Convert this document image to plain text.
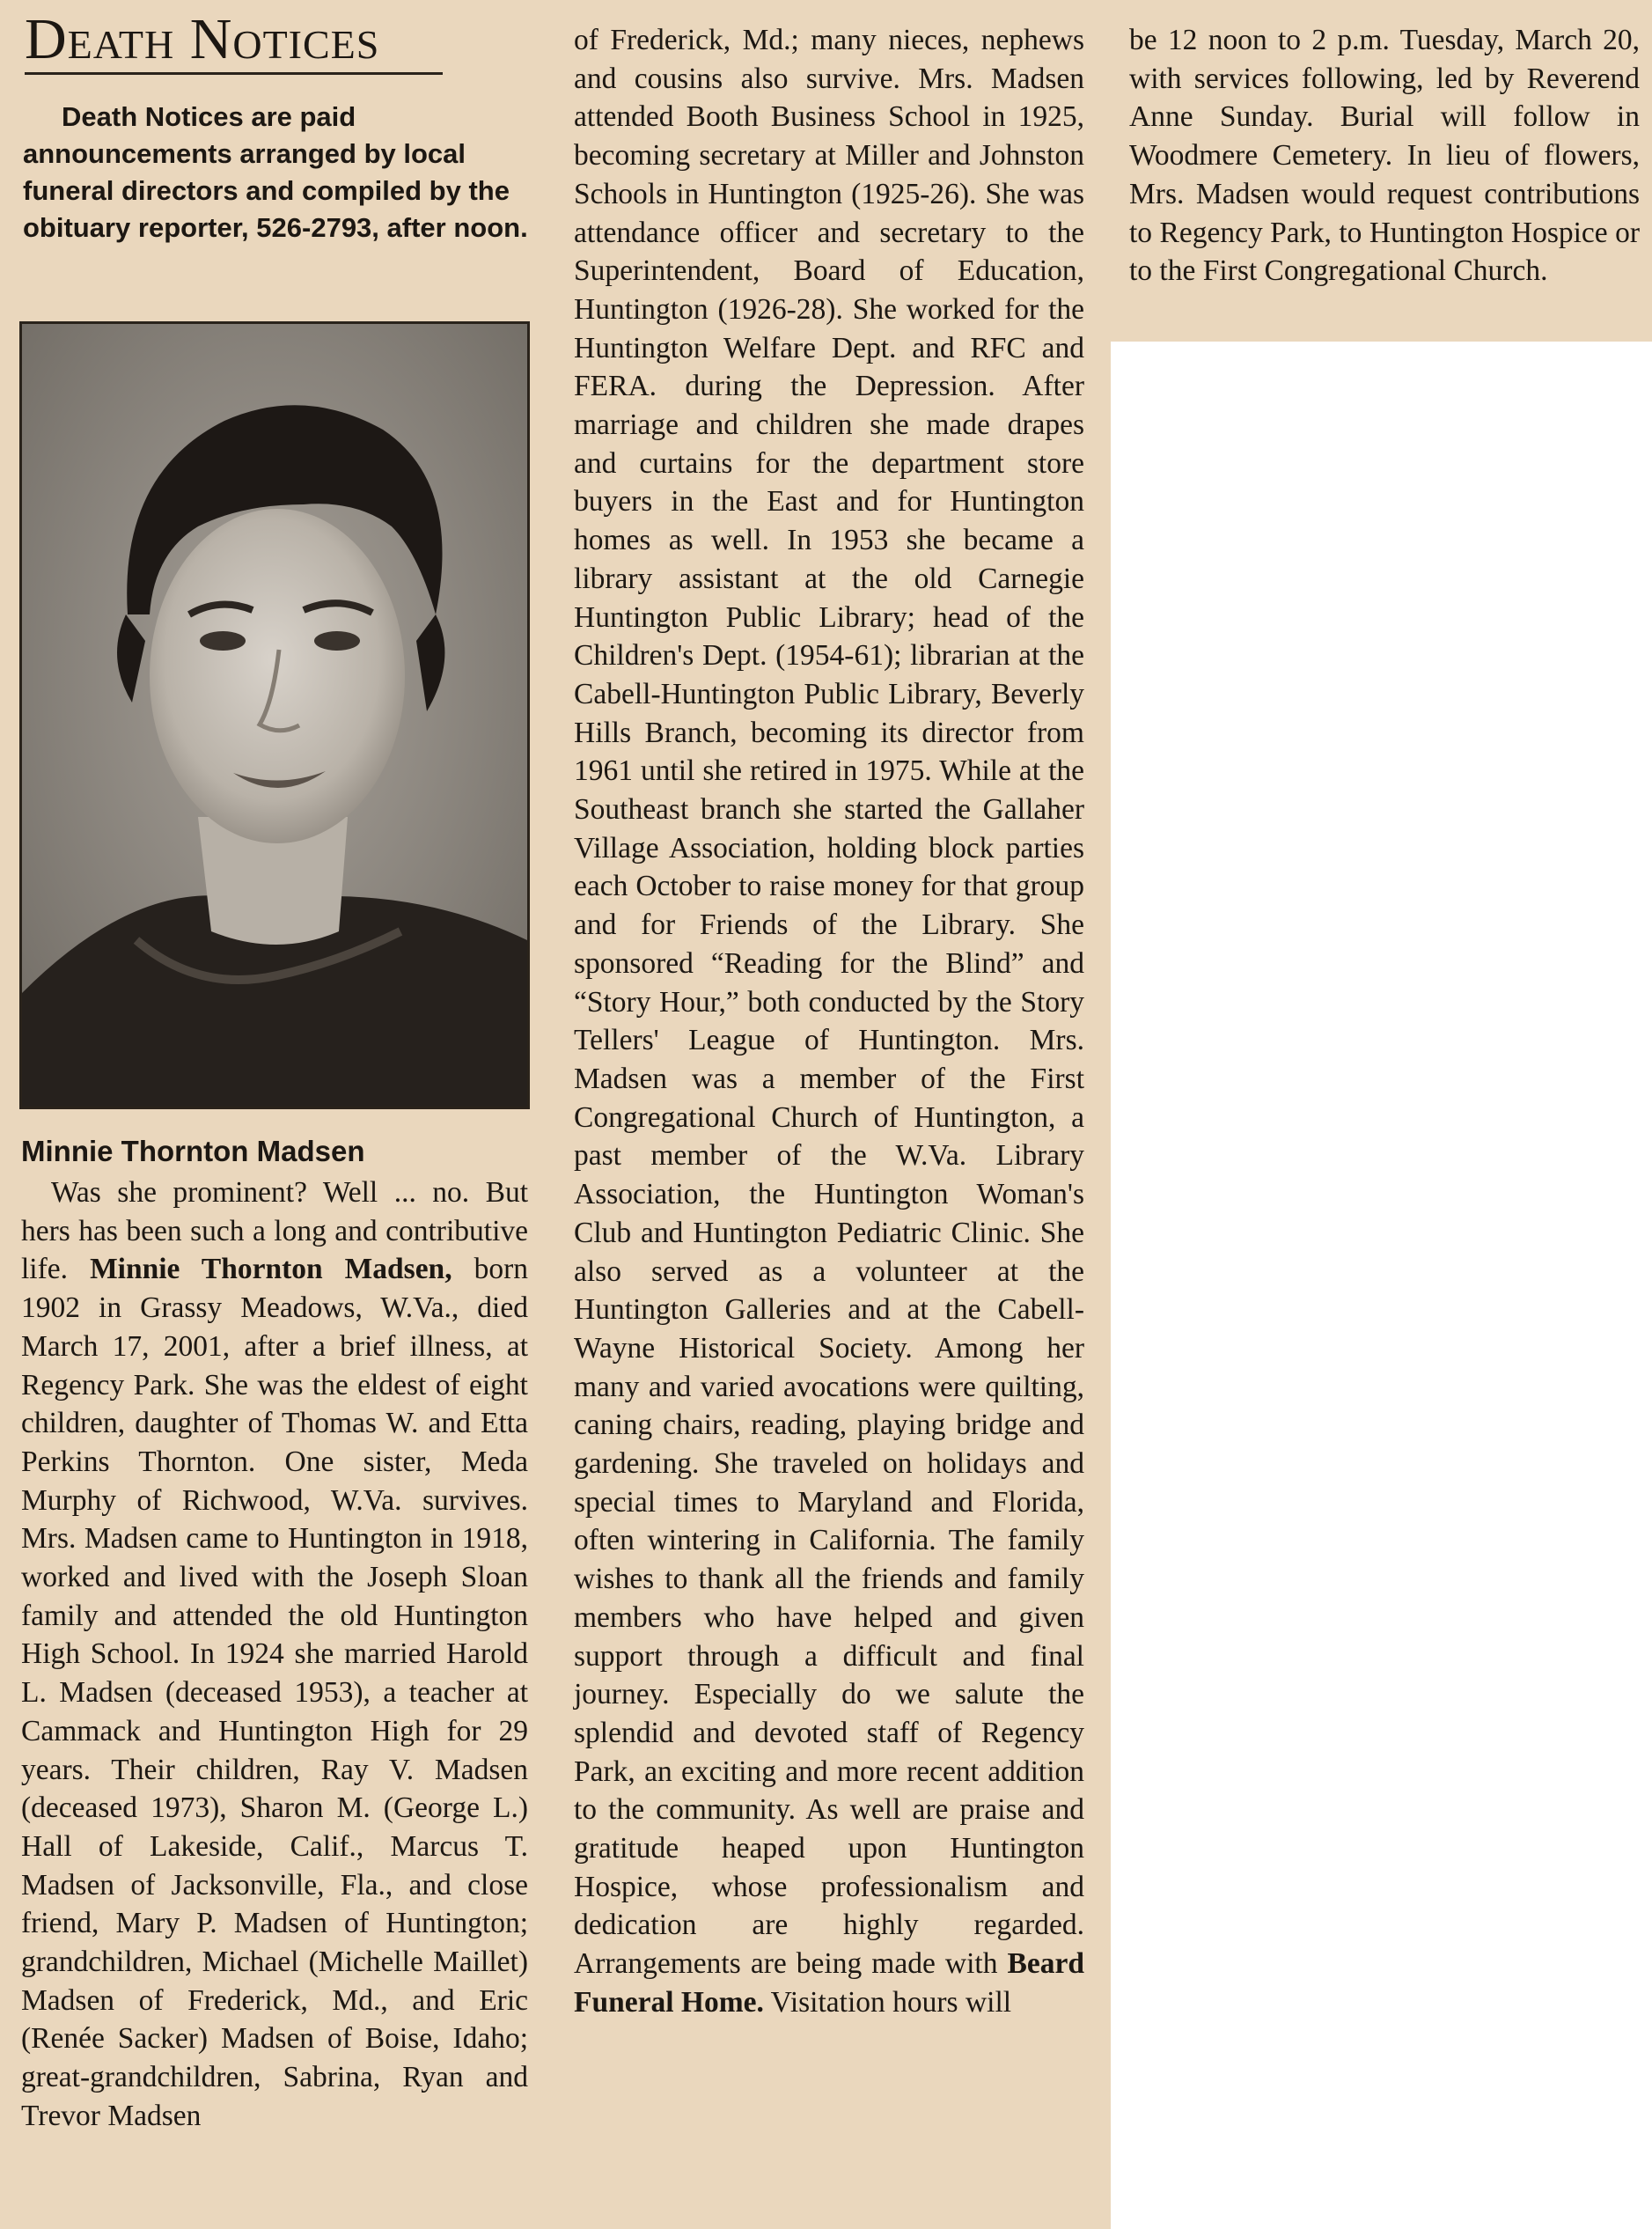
Death Notices
Death Notices are paid announcements arranged by local funeral directors and compiled by the obituary reporter, 526-2793, after noon.
Minnie Thornton Madsen

Was she prominent? Well ... no. But hers has been such a long and contributive life. Minnie Thornton Madsen, born 1902 in Grassy Meadows, W.Va., died March 17, 2001, after a brief illness, at Regency Park. She was the eldest of eight children, daughter of Thomas W. and Etta Perkins Thornton. One sister, Meda Murphy of Richwood, W.Va. survives. Mrs. Madsen came to Huntington in 1918, worked and lived with the Joseph Sloan family and attended the old Huntington High School. In 1924 she married Harold L. Madsen (deceased 1953), a teacher at Cammack and Huntington High for 29 years. Their children, Ray V. Madsen (deceased 1973), Sharon M. (George L.) Hall of Lakeside, Calif., Marcus T. Madsen of Jacksonville, Fla., and close friend, Mary P. Madsen of Huntington; grandchildren, Michael (Michelle Maillet) Madsen of Frederick, Md., and Eric (Renée Sacker) Madsen of Boise, Idaho; great-grandchildren, Sabrina, Ryan and Trevor Madsen

of Frederick, Md.; many nieces, nephews and cousins also survive. Mrs. Madsen attended Booth Business School in 1925, becoming secretary at Miller and Johnston Schools in Huntington (1925-26). She was attendance officer and secretary to the Superintendent, Board of Education, Huntington (1926-28). She worked for the Huntington Welfare Dept. and RFC and FERA. during the Depression. After marriage and children she made drapes and curtains for the department store buyers in the East and for Huntington homes as well. In 1953 she became a library assistant at the old Carnegie Huntington Public Library; head of the Children's Dept. (1954-61); librarian at the Cabell-Huntington Public Library, Beverly Hills Branch, becoming its director from 1961 until she retired in 1975. While at the Southeast branch she started the Gallaher Village Association, holding block parties each October to raise money for that group and for Friends of the Library. She sponsored “Reading for the Blind” and “Story Hour,” both conducted by the Story Tellers' League of Huntington. Mrs. Madsen was a member of the First Congregational Church of Huntington, a past member of the W.Va. Library Association, the Huntington Woman's Club and Huntington Pediatric Clinic. She also served as a volunteer at the Huntington Galleries and at the Cabell-Wayne Historical Society. Among her many and varied avocations were quilting, caning chairs, reading, playing bridge and gardening. She traveled on holidays and special times to Maryland and Florida, often wintering in California. The family wishes to thank all the friends and family members who have helped and given support through a difficult and final journey. Especially do we salute the splendid and devoted staff of Regency Park, an exciting and more recent addition to the community. As well are praise and gratitude heaped upon Huntington Hospice, whose professionalism and dedication are highly regarded. Arrangements are being made with Beard Funeral Home. Visitation hours will

be 12 noon to 2 p.m. Tuesday, March 20, with services following, led by Reverend Anne Sunday. Burial will follow in Woodmere Cemetery. In lieu of flowers, Mrs. Madsen would request contributions to Regency Park, to Huntington Hospice or to the First Congregational Church.
